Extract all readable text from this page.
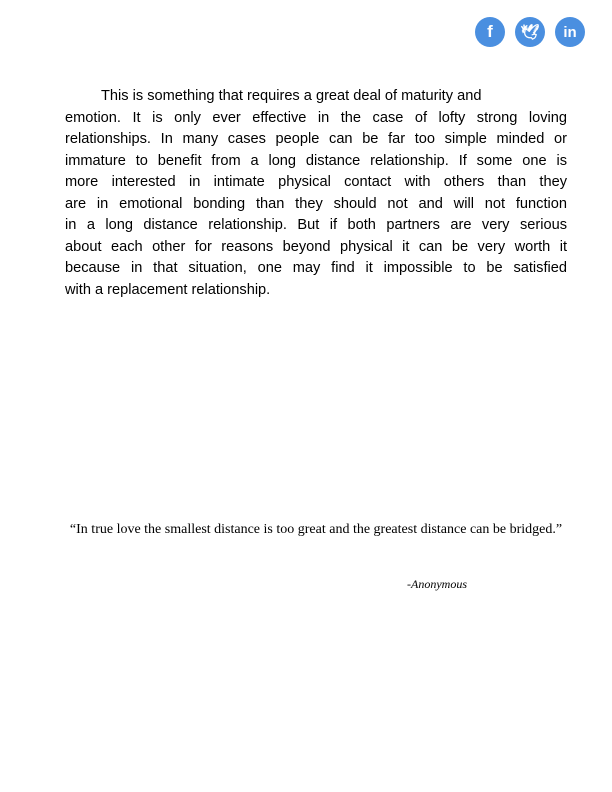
f	🕊	in
This is something that requires a great deal of maturity and
emotion. It is only ever effective in the case of lofty strong loving
relationships. In many cases people can be far too simple minded or
immature to benefit from a long distance relationship. If some one is
more interested in intimate physical contact with others than they
are in emotional bonding than they should not and will not function
in a long distance relationship. But if both partners are very serious
about each other for reasons beyond physical it can be very worth it
because in that situation, one may find it impossible to be satisfied
with a replacement relationship.
“In true love the smallest distance is too great and the greatest distance can be bridged.”
-Anonymous
